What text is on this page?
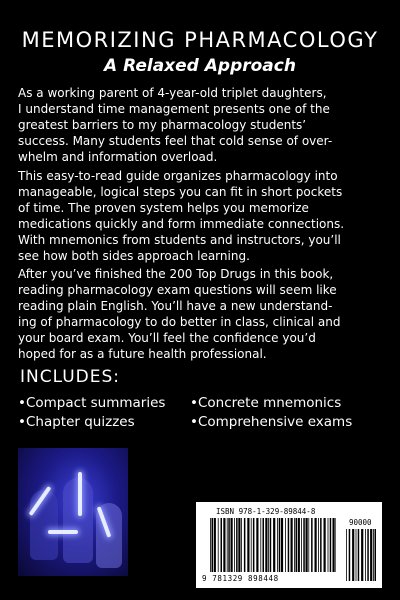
MEMORIZING PHARMACOLOGY
A Relaxed Approach
As a working parent of 4-year-old triplet daughters,
I understand time management presents one of the
greatest barriers to my pharmacology students’
success. Many students feel that cold sense of over-
whelm and information overload.
This easy-to-read guide organizes pharmacology into
manageable, logical steps you can fit in short pockets
of time. The proven system helps you memorize
medications quickly and form immediate connections.
With mnemonics from students and instructors, you’ll
see how both sides approach learning.
After you’ve finished the 200 Top Drugs in this book,
reading pharmacology exam questions will seem like
reading plain English. You’ll have a new understand-
ing of pharmacology to do better in class, clinical and
your board exam. You’ll feel the confidence you’d
hoped for as a future health professional.
INCLUDES:
•Compact summaries
•Chapter quizzes
•Concrete mnemonics
•Comprehensive exams
ISBN 978-1-329-89844-8
90000
9 781329 898448
